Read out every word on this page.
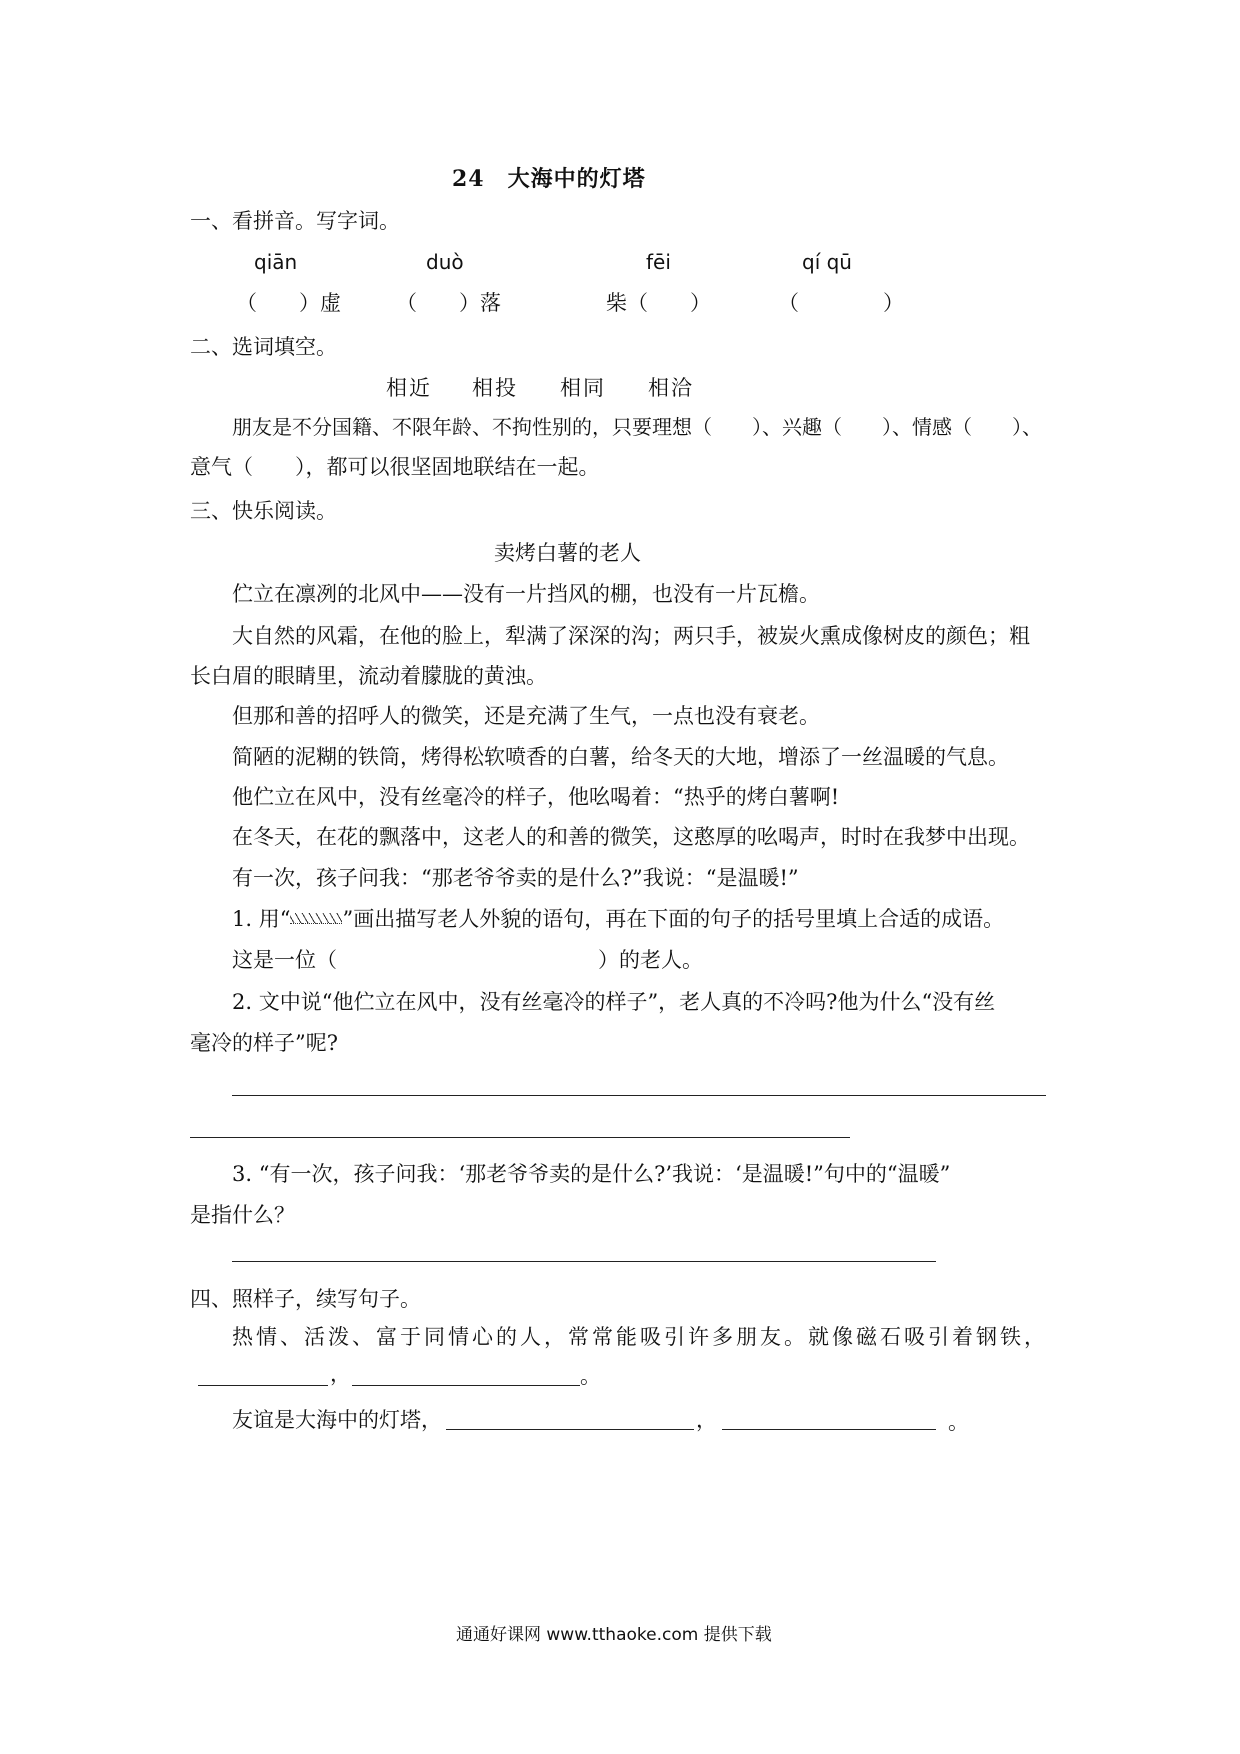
24　大海中的灯塔
一、看拼音。写字词。
qiān	duò	fēi	qí qū
（　　）虚	（　　）落	柴（　　）	（　　　　）
二、选词填空。
相近 相投 相同 相洽
朋友是不分国籍、不限年龄、不拘性别的，只要理想（　　）、兴趣（　　）、情感（　　）、
意气（　　），都可以很坚固地联结在一起。
三、快乐阅读。
卖烤白薯的老人
伫立在凛冽的北风中——没有一片挡风的棚，也没有一片瓦檐。
大自然的风霜，在他的脸上，犁满了深深的沟；两只手，被炭火熏成像树皮的颜色；粗
长白眉的眼睛里，流动着朦胧的黄浊。
但那和善的招呼人的微笑，还是充满了生气，一点也没有衰老。
简陋的泥糊的铁筒，烤得松软喷香的白薯，给冬天的大地，增添了一丝温暖的气息。
他伫立在风中，没有丝毫冷的样子，他吆喝着：“热乎的烤白薯啊!
在冬天，在花的飘落中，这老人的和善的微笑，这憨厚的吆喝声，时时在我梦中出现。
有一次，孩子问我：“那老爷爷卖的是什么?”我说：“是温暖!”
1. 用“ ”画出描写老人外貌的语句，再在下面的句子的括号里填上合适的成语。
这是一位（	）的老人。
2. 文中说“他伫立在风中，没有丝毫冷的样子”，老人真的不冷吗?他为什么“没有丝
毫冷的样子”呢?
3. “有一次，孩子问我：‘那老爷爷卖的是什么?’我说：‘是温暖!”句中的“温暖”
是指什么？
四、照样子，续写句子。
热情、活泼、富于同情心的人，常常能吸引许多朋友。就像磁石吸引着钢铁，
，	。
友谊是大海中的灯塔，	，	。
通通好课网 www.tthaoke.com 提供下载
